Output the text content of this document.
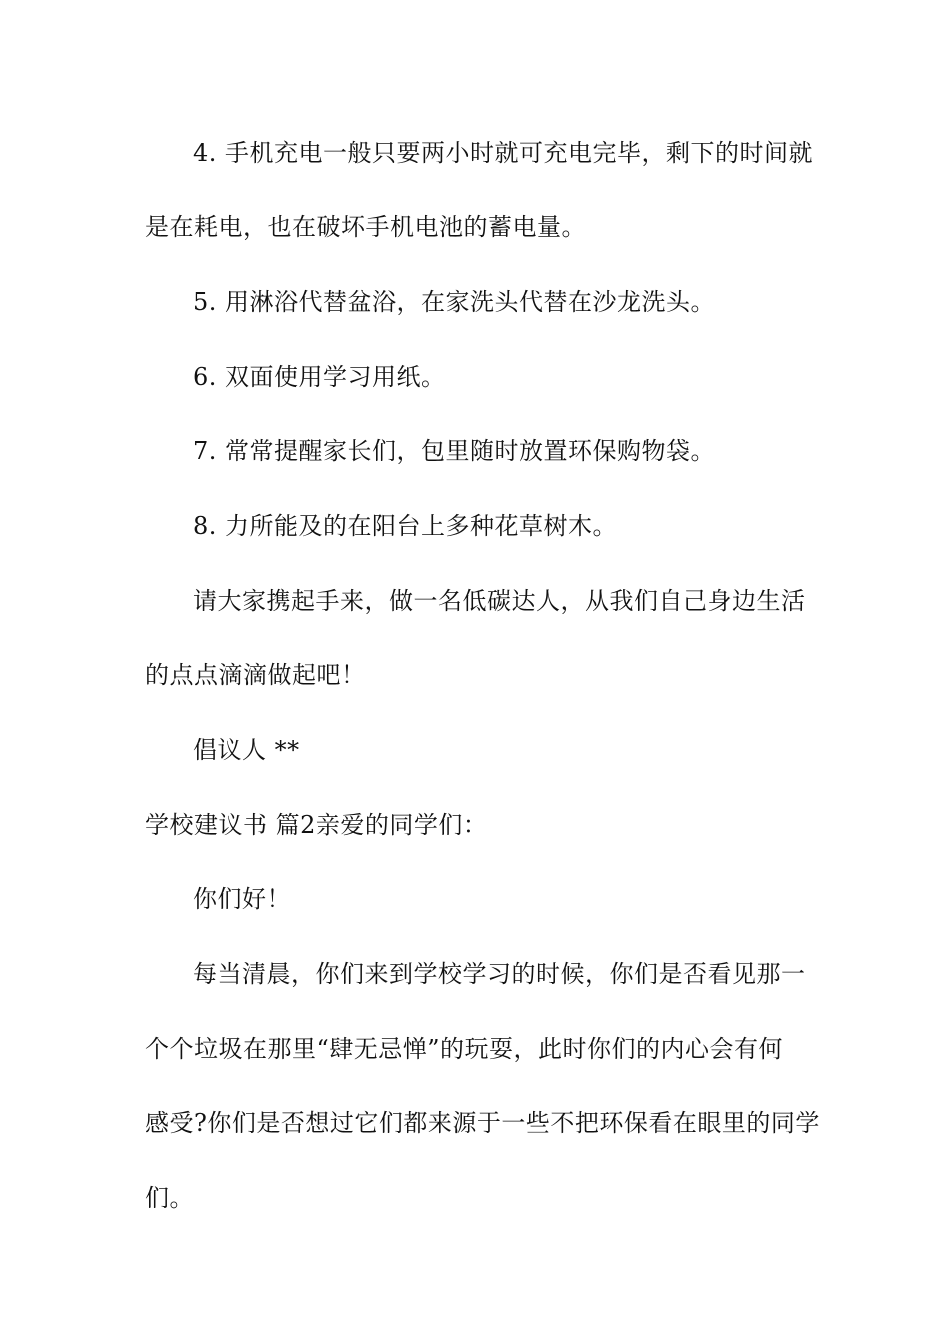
4. 手机充电一般只要两小时就可充电完毕，剩下的时间就
是在耗电，也在破坏手机电池的蓄电量。
5. 用淋浴代替盆浴，在家洗头代替在沙龙洗头。
6. 双面使用学习用纸。
7. 常常提醒家长们，包里随时放置环保购物袋。
8. 力所能及的在阳台上多种花草树木。
请大家携起手来，做一名低碳达人，从我们自己身边生活
的点点滴滴做起吧！
倡议人 **
学校建议书 篇2亲爱的同学们：
你们好！
每当清晨，你们来到学校学习的时候，你们是否看见那一
个个垃圾在那里“肆无忌惮”的玩耍，此时你们的内心会有何
感受?你们是否想过它们都来源于一些不把环保看在眼里的同学
们。
